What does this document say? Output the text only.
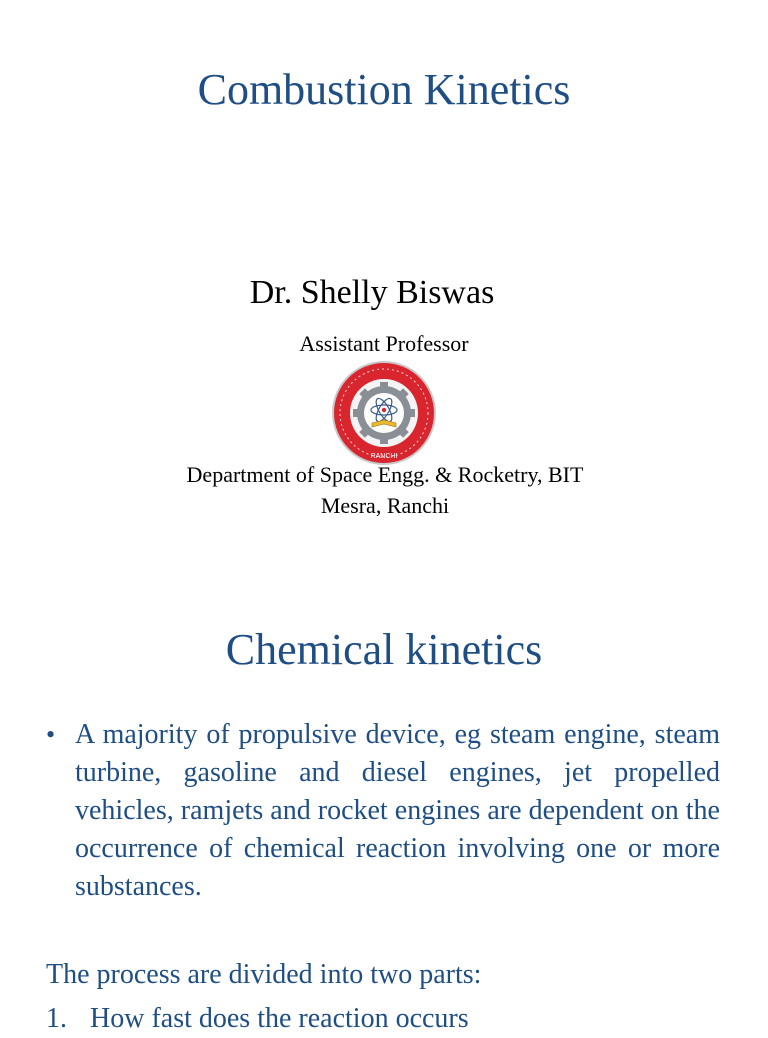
Combustion Kinetics
Dr. Shelly Biswas
Assistant Professor
RANCHI
Department of Space Engg. & Rocketry, BIT
Mesra, Ranchi
Chemical kinetics
• A majority of propulsive device, eg steam engine, steam turbine, gasoline and diesel engines, jet propelled vehicles, ramjets and rocket engines are dependent on the occurrence of chemical reaction involving one or more substances.
The process are divided into two parts:
1. How fast does the reaction occurs
